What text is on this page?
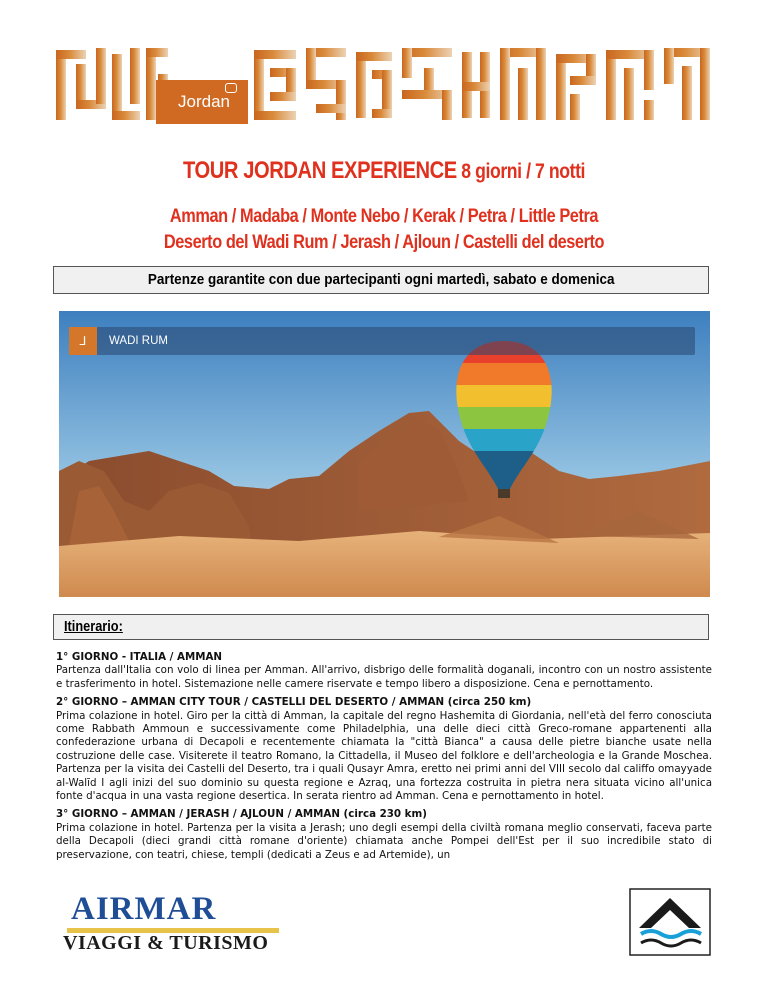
Jordan
TOUR JORDAN EXPERIENCE 8 giorni / 7 notti
Amman / Madaba / Monte Nebo / Kerak / Petra / Little Petra
Deserto del Wadi Rum / Jerash / Ajloun / Castelli del deserto
Partenze garantite con due partecipanti ogni martedì, sabato e domenica
⅃	WADI RUM
Itinerario:

1° GIORNO - ITALIA / AMMAN
Partenza dall'Italia con volo di linea per Amman. All'arrivo, disbrigo delle formalità doganali, incontro con un nostro assistente e trasferimento in hotel. Sistemazione nelle camere riservate e tempo libero a disposizione. Cena e pernottamento.

2° GIORNO – AMMAN CITY TOUR / CASTELLI DEL DESERTO / AMMAN (circa 250 km)
Prima colazione in hotel. Giro per la città di Amman, la capitale del regno Hashemita di Giordania, nell'età del ferro conosciuta come Rabbath Ammoun e successivamente come Philadelphia, una delle dieci città Greco-romane appartenenti alla confederazione urbana di Decapoli e recentemente chiamata la "città Bianca" a causa delle pietre bianche usate nella costruzione delle case. Visiterete il teatro Romano, la Cittadella, il Museo del folklore e dell'archeologia e la Grande Moschea. Partenza per la visita dei Castelli del Deserto, tra i quali Qusayr Amra, eretto nei primi anni del VIII secolo dal califfo omayyade al-Walīd I agli inizi del suo dominio su questa regione e Azraq, una fortezza costruita in pietra nera situata vicino all'unica fonte d'acqua in una vasta regione desertica. In serata rientro ad Amman. Cena e pernottamento in hotel.

3° GIORNO – AMMAN / JERASH / AJLOUN / AMMAN (circa 230 km)
Prima colazione in hotel. Partenza per la visita a Jerash; uno degli esempi della civiltà romana meglio conservati, faceva parte della Decapoli (dieci grandi città romane d'oriente) chiamata anche Pompei dell'Est per il suo incredibile stato di preservazione, con teatri, chiese, templi (dedicati a Zeus e ad Artemide), un

AIRMAR
VIAGGI & TURISMO
